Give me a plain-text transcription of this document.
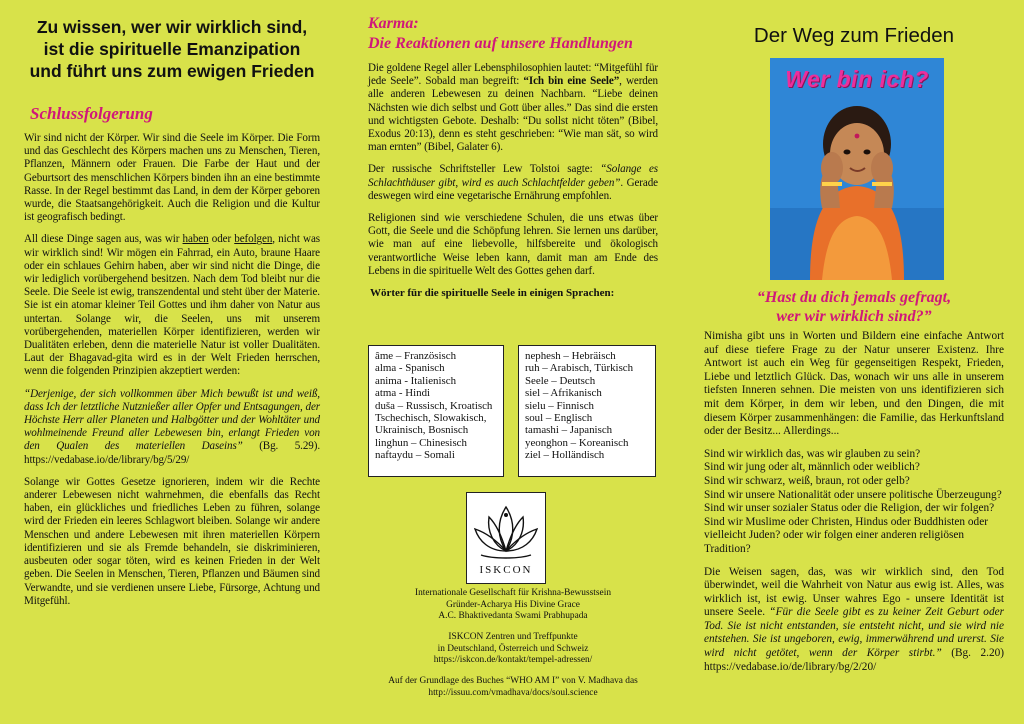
Zu wissen, wer wir wirklich sind,
ist die spirituelle Emanzipation
und führt uns zum ewigen Frieden
Schlussfolgerung

Wir sind nicht der Körper. Wir sind die Seele im Körper. Die Form und das Geschlecht des Körpers machen uns zu Menschen, Tieren, Pflanzen, Männern oder Frauen. Die Farbe der Haut und der Geburtsort des menschlichen Körpers binden ihn an eine bestimmte Rasse. In der Regel bestimmt das Land, in dem der Körper geboren wurde, die Staatsangehörigkeit. Auch die Religion und die Kultur ist geografisch bedingt.

All diese Dinge sagen aus, was wir haben oder befolgen, nicht was wir wirklich sind! Wir mögen ein Fahrrad, ein Auto, braune Haare oder ein schlaues Gehirn haben, aber wir sind nicht die Dinge, die wir lediglich vorübergehend besitzen. Nach dem Tod bleibt nur die Seele. Die Seele ist ewig, transzendental und steht über der Materie. Sie ist ein atomar kleiner Teil Gottes und ihm daher von Natur aus untertan. Solange wir, die Seelen, uns mit unserem vorübergehenden, materiellen Körper identifizieren, werden wir Dualitäten erleben, denn die materielle Natur ist voller Dualitäten. Laut der Bhagavad-gita wird es in der Welt Frieden herrschen, wenn die folgenden Prinzipien akzeptiert werden:

“Derjenige, der sich vollkommen über Mich bewußt ist und weiß, dass Ich der letztliche Nutznießer aller Opfer und Entsagungen, der Höchste Herr aller Planeten und Halbgötter und der Wohltäter und wohlmeinende Freund aller Lebewesen bin, erlangt Frieden von den Qualen des materiellen Daseins” (Bg. 5.29). https://vedabase.io/de/library/bg/5/29/

Solange wir Gottes Gesetze ignorieren, indem wir die Rechte anderer Lebewesen nicht wahrnehmen, die ebenfalls das Recht haben, ein glückliches und friedliches Leben zu führen, solange wird der Frieden ein leeres Schlagwort bleiben. Solange wir andere Menschen und andere Lebewesen mit ihren materiellen Körpern identifizieren und sie als Fremde behandeln, sie diskriminieren, ausbeuten oder sogar töten, wird es keinen Frieden in der Welt geben. Die Seelen in Menschen, Tieren, Pflanzen und Bäumen sind Verwandte, und sie verdienen unsere Liebe, Fürsorge, Achtung und Mitgefühl.

Karma:
Die Reaktionen auf unsere Handlungen

Die goldene Regel aller Lebensphilosophien lautet: “Mitgefühl für jede Seele”. Sobald man begreift: “Ich bin eine Seele”, werden alle anderen Lebewesen zu deinen Nachbarn. “Liebe deinen Nächsten wie dich selbst und Gott über alles.” Das sind die ersten und wichtigsten Gebote. Deshalb: “Du sollst nicht töten” (Bibel, Exodus 20:13), denn es steht geschrieben: “Wie man sät, so wird man ernten” (Bibel, Galater 6).

Der russische Schriftsteller Lew Tolstoi sagte: “Solange es Schlachthäuser gibt, wird es auch Schlachtfelder geben”. Gerade deswegen wird eine vegetarische Ernährung empfohlen.

Religionen sind wie verschiedene Schulen, die uns etwas über Gott, die Seele und die Schöpfung lehren. Sie lernen uns darüber, wie man auf eine liebevolle, hilfsbereite und ökologisch verantwortliche Weise leben kann, damit man am Ende des Lebens in die spirituelle Welt des Gottes gehen darf.

Wörter für die spirituelle Seele in einigen Sprachen:
âme – Französisch
alma - Spanisch
anima - Italienisch
atma - Hindi
duša – Russisch, Kroatisch
Tschechisch, Slowakisch,
Ukrainisch, Bosnisch
linghun – Chinesisch
naftaydu – Somali
nephesh – Hebräisch
ruh – Arabisch, Türkisch
Seele – Deutsch
siel – Afrikanisch
sielu – Finnisch
soul – Englisch
tamashi – Japanisch
yeonghon – Koreanisch
ziel – Holländisch
ISKCON
Internationale Gesellschaft für Krishna-Bewusstsein
Gründer-Acharya His Divine Grace
A.C. Bhaktivedanta Swami Prabhupada
ISKCON Zentren und Treffpunkte
in Deutschland, Österreich und Schweiz
https://iskcon.de/kontakt/tempel-adressen/
Auf der Grundlage des Buches “WHO AM I” von V. Madhava das
http://issuu.com/vmadhava/docs/soul.science
Der Weg zum Frieden
Wer bin ich?
“Hast du dich jemals gefragt,
wer wir wirklich sind?”

Nimisha gibt uns in Worten und Bildern eine einfache Antwort auf diese tiefere Frage zu der Natur unserer Existenz. Ihre Antwort ist auch ein Weg für gegenseitigen Respekt, Frieden, Liebe und letztlich Glück. Das, wonach wir uns alle in unserem tiefsten Inneren sehnen. Die meisten von uns identifizieren sich mit dem Körper, in dem wir leben, und den Dingen, die mit diesem Körper zusammenhängen: die Familie, das Herkunftsland oder der Besitz... Allerdings...

Sind wir wirklich das, was wir glauben zu sein?
Sind wir jung oder alt, männlich oder weiblich?
Sind wir schwarz, weiß, braun, rot oder gelb?
Sind wir unsere Nationalität oder unsere politische Überzeugung?
Sind wir unser sozialer Status oder die Religion, der wir folgen?
Sind wir Muslime oder Christen, Hindus oder Buddhisten oder vielleicht Juden? oder wir folgen einer anderen religiösen Tradition?

Die Weisen sagen, das, was wir wirklich sind, den Tod überwindet, weil die Wahrheit von Natur aus ewig ist. Alles, was wirklich ist, ist ewig. Unser wahres Ego - unsere Identität ist unsere Seele. “Für die Seele gibt es zu keiner Zeit Geburt oder Tod. Sie ist nicht entstanden, sie entsteht nicht, und sie wird nie entstehen. Sie ist ungeboren, ewig, immerwährend und urerst. Sie wird nicht getötet, wenn der Körper stirbt.” (Bg. 2.20) https://vedabase.io/de/library/bg/2/20/
